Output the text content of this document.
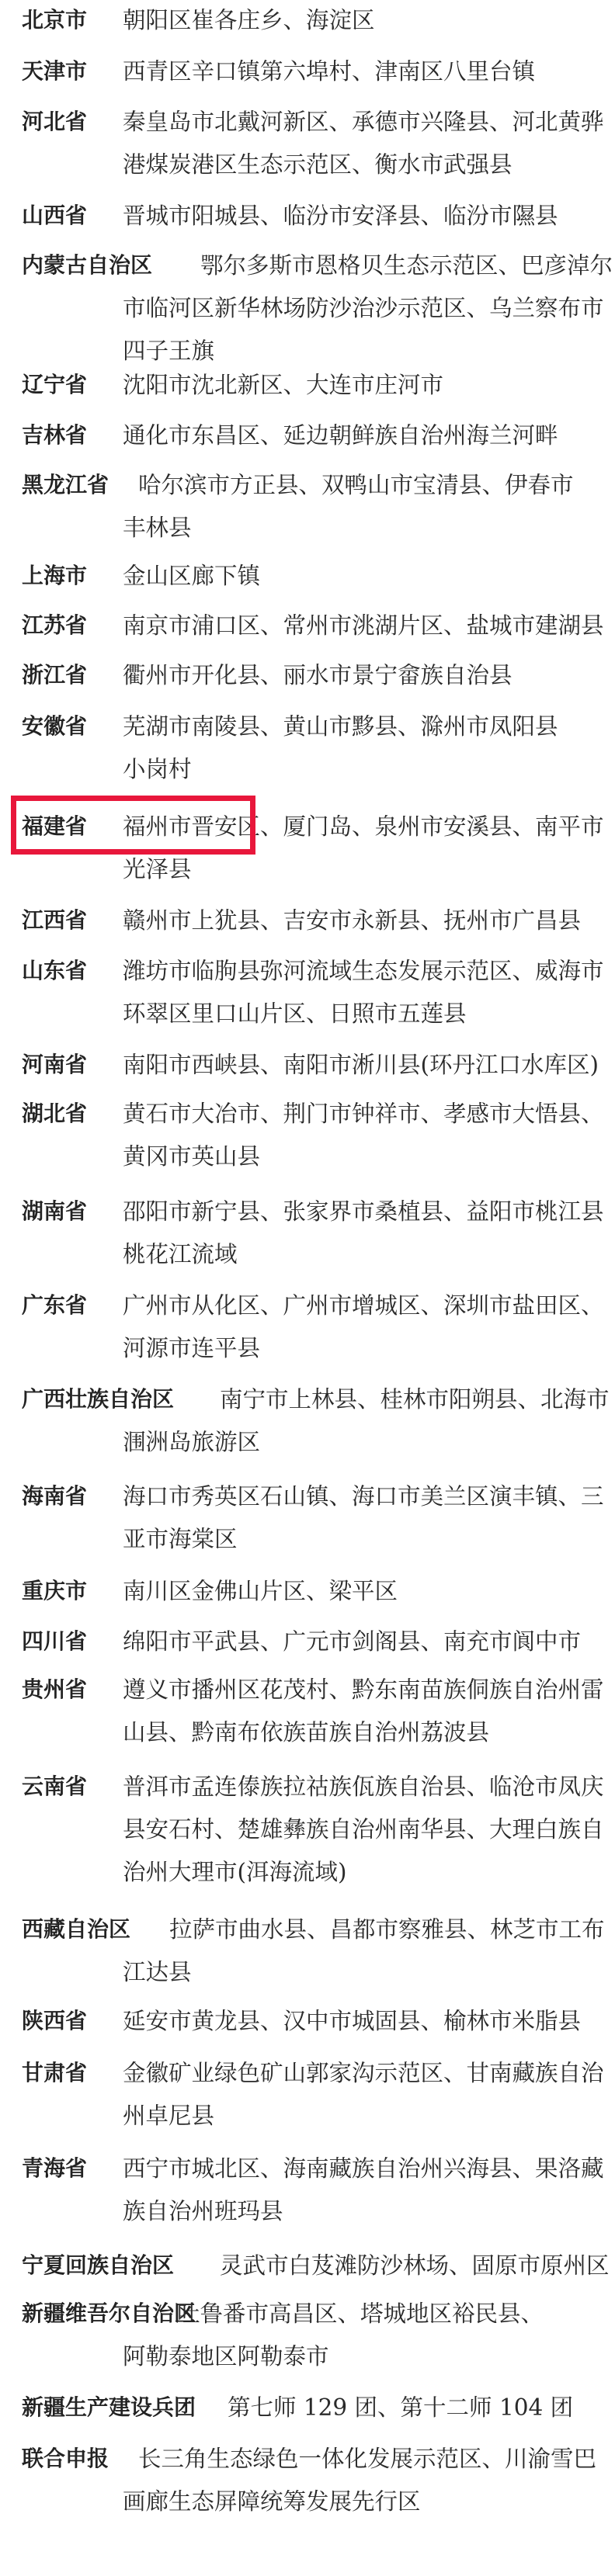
北京市 朝阳区崔各庄乡、海淀区
天津市 西青区辛口镇第六埠村、津南区八里台镇
河北省 秦皇岛市北戴河新区、承德市兴隆县、河北黄骅
港煤炭港区生态示范区、衡水市武强县
山西省 晋城市阳城县、临汾市安泽县、临汾市隰县
内蒙古自治区 鄂尔多斯市恩格贝生态示范区、巴彦淖尔
市临河区新华林场防沙治沙示范区、乌兰察布市
四子王旗
辽宁省 沈阳市沈北新区、大连市庄河市
吉林省 通化市东昌区、延边朝鲜族自治州海兰河畔
黑龙江省 哈尔滨市方正县、双鸭山市宝清县、伊春市
丰林县
上海市 金山区廊下镇
江苏省 南京市浦口区、常州市洮湖片区、盐城市建湖县
浙江省 衢州市开化县、丽水市景宁畲族自治县
安徽省 芜湖市南陵县、黄山市黟县、滁州市凤阳县
小岗村
福建省 福州市晋安区、厦门岛、泉州市安溪县、南平市
光泽县
江西省 赣州市上犹县、吉安市永新县、抚州市广昌县
山东省 潍坊市临朐县弥河流域生态发展示范区、威海市
环翠区里口山片区、日照市五莲县
河南省 南阳市西峡县、南阳市淅川县(环丹江口水库区)
湖北省 黄石市大冶市、荆门市钟祥市、孝感市大悟县、
黄冈市英山县
湖南省 邵阳市新宁县、张家界市桑植县、益阳市桃江县
桃花江流域
广东省 广州市从化区、广州市增城区、深圳市盐田区、
河源市连平县
广西壮族自治区 南宁市上林县、桂林市阳朔县、北海市
涠洲岛旅游区
海南省 海口市秀英区石山镇、海口市美兰区演丰镇、三
亚市海棠区
重庆市 南川区金佛山片区、梁平区
四川省 绵阳市平武县、广元市剑阁县、南充市阆中市
贵州省 遵义市播州区花茂村、黔东南苗族侗族自治州雷
山县、黔南布依族苗族自治州荔波县
云南省 普洱市孟连傣族拉祜族佤族自治县、临沧市凤庆
县安石村、楚雄彝族自治州南华县、大理白族自
治州大理市(洱海流域)
西藏自治区 拉萨市曲水县、昌都市察雅县、林芝市工布
江达县
陕西省 延安市黄龙县、汉中市城固县、榆林市米脂县
甘肃省 金徽矿业绿色矿山郭家沟示范区、甘南藏族自治
州卓尼县
青海省 西宁市城北区、海南藏族自治州兴海县、果洛藏
族自治州班玛县
宁夏回族自治区 灵武市白芨滩防沙林场、固原市原州区
新疆维吾尔自治区
吐鲁番市高昌区、塔城地区裕民县、
阿勒泰地区阿勒泰市
新疆生产建设兵团 第七师 129 团、第十二师 104 团
联合申报 长三角生态绿色一体化发展示范区、川渝雪巴
画廊生态屏障统筹发展先行区
